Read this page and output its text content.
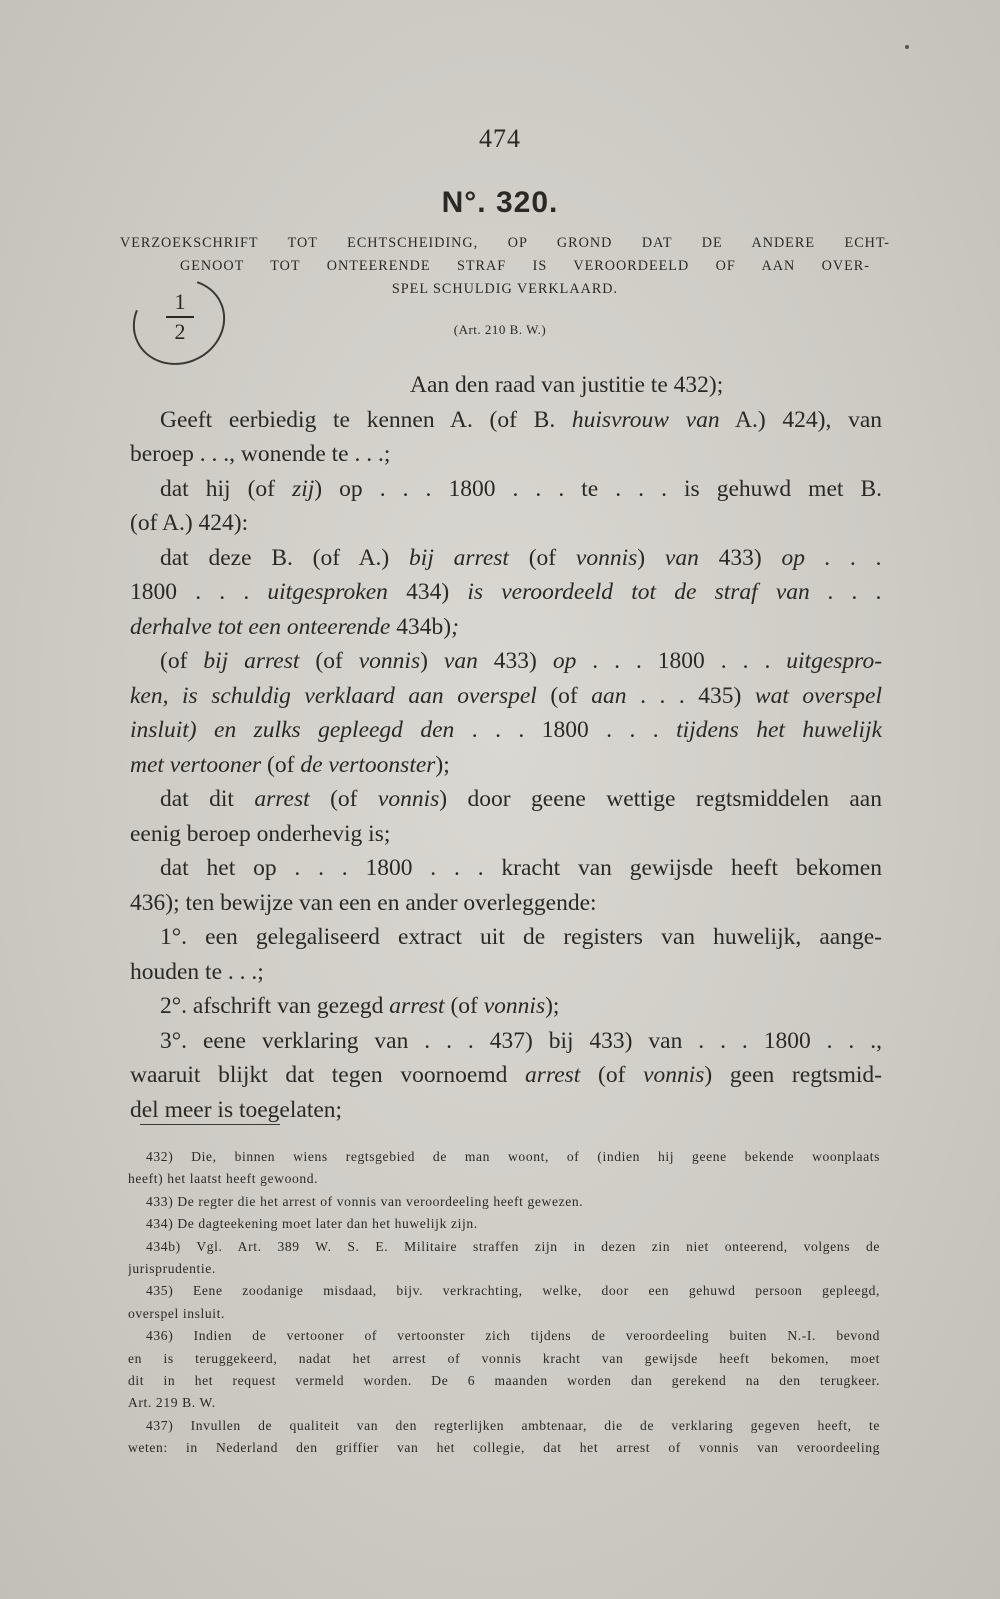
474
N°. 320.
VERZOEKSCHRIFT TOT ECHTSCHEIDING, OP GROND DAT DE ANDERE ECHT-
GENOOT TOT ONTEERENDE STRAF IS VEROORDEELD OF AAN OVER-
SPEL SCHULDIG VERKLAARD.
1
2	(Art. 210 B. W.)
Aan den raad van justitie te 432);
Geeft eerbiedig te kennen A. (of B. huisvrouw van A.) 424), van
beroep . . ., wonende te . . .;
dat hij (of zij) op . . . 1800 . . . te . . . is gehuwd met B.
(of A.) 424):
dat deze B. (of A.) bij arrest (of vonnis) van 433) op . . .
1800 . . . uitgesproken 434) is veroordeeld tot de straf van . . .
derhalve tot een onteerende 434b);
(of bij arrest (of vonnis) van 433) op . . . 1800 . . . uitgespro-
ken, is schuldig verklaard aan overspel (of aan . . . 435) wat overspel
insluit) en zulks gepleegd den . . . 1800 . . . tijdens het huwelijk
met vertooner (of de vertoonster);
dat dit arrest (of vonnis) door geene wettige regtsmiddelen aan
eenig beroep onderhevig is;
dat het op . . . 1800 . . . kracht van gewijsde heeft bekomen
436); ten bewijze van een en ander overleggende:
1°. een gelegaliseerd extract uit de registers van huwelijk, aange-
houden te . . .;
2°. afschrift van gezegd arrest (of vonnis);
3°. eene verklaring van . . . 437) bij 433) van . . . 1800 . . .,
waaruit blijkt dat tegen voornoemd arrest (of vonnis) geen regtsmid-
del meer is toegelaten;
432) Die, binnen wiens regtsgebied de man woont, of (indien hij geene bekende woonplaats
heeft) het laatst heeft gewoond.
433) De regter die het arrest of vonnis van veroordeeling heeft gewezen.
434) De dagteekening moet later dan het huwelijk zijn.
434b) Vgl. Art. 389 W. S. E. Militaire straffen zijn in dezen zin niet onteerend, volgens de
jurisprudentie.
435) Eene zoodanige misdaad, bijv. verkrachting, welke, door een gehuwd persoon gepleegd,
overspel insluit.
436) Indien de vertooner of vertoonster zich tijdens de veroordeeling buiten N.-I. bevond
en is teruggekeerd, nadat het arrest of vonnis kracht van gewijsde heeft bekomen, moet
dit in het request vermeld worden. De 6 maanden worden dan gerekend na den terugkeer.
Art. 219 B. W.
437) Invullen de qualiteit van den regterlijken ambtenaar, die de verklaring gegeven heeft, te
weten: in Nederland den griffier van het collegie, dat het arrest of vonnis van veroordeeling
